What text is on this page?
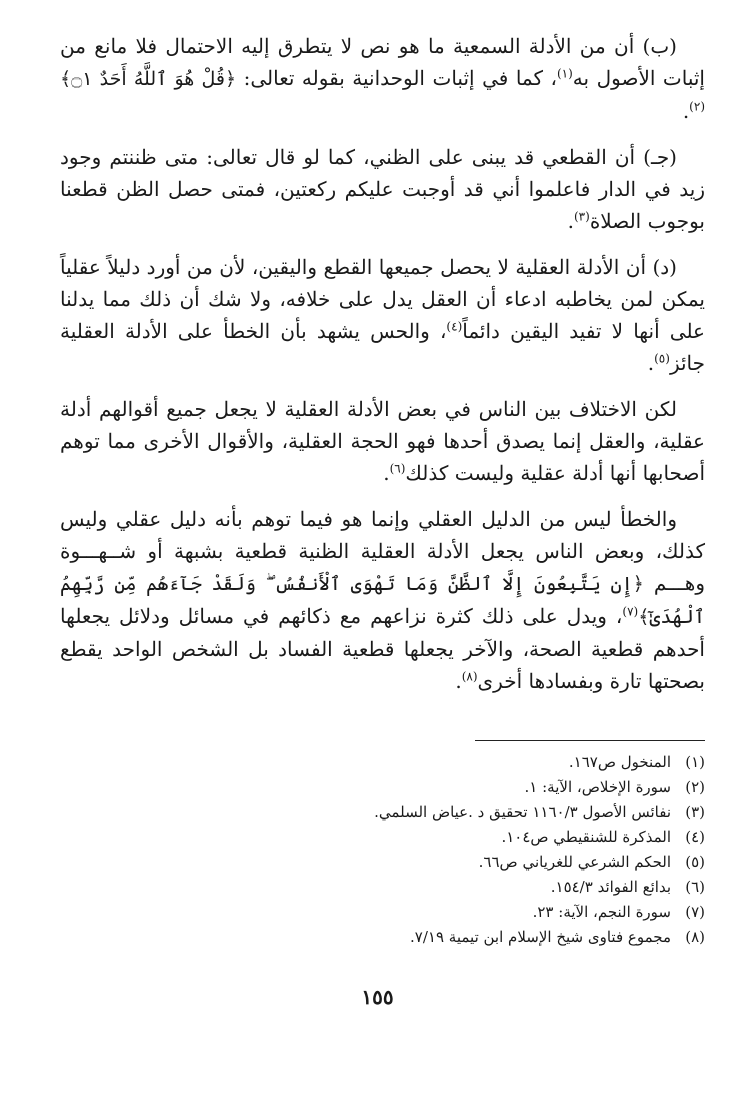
(ب) أن من الأدلة السمعية ما هو نص لا يتطرق إليه الاحتمال فلا مانع من إثبات الأصول به$^{(١)}$، كما في إثبات الوحدانية بقوله تعالى: ﴿قُلْ هُوَ ٱللَّهُ أَحَدٌ ۝١﴾$^{(٢)}$.

(جـ) أن القطعي قد يبنى على الظني، كما لو قال تعالى: متى ظننتم وجود زيد في الدار فاعلموا أني قد أوجبت عليكم ركعتين، فمتى حصل الظن قطعنا بوجوب الصلاة$^{(٣)}$.

(د) أن الأدلة العقلية لا يحصل جميعها القطع واليقين، لأن من أورد دليلاً عقلياً يمكن لمن يخاطبه ادعاء أن العقل يدل على خلافه، ولا شك أن ذلك مما يدلنا على أنها لا تفيد اليقين دائماً$^{(٤)}$، والحس يشهد بأن الخطأ على الأدلة العقلية جائز$^{(٥)}$.

لكن الاختلاف بين الناس في بعض الأدلة العقلية لا يجعل جميع أقوالهم أدلة عقلية، والعقل إنما يصدق أحدها فهو الحجة العقلية، والأقوال الأخرى مما توهم أصحابها أنها أدلة عقلية وليست كذلك$^{(٦)}$.

والخطأ ليس من الدليل العقلي وإنما هو فيما توهم بأنه دليل عقلي وليس كذلك، وبعض الناس يجعل الأدلة العقلية الظنية قطعية بشبهة أو شــهـــوة وهـــم ﴿إِن يَتَّبِعُونَ إِلَّا ٱلظَّنَّ وَمَا تَهْوَى ٱلْأَنفُسُ ۖ وَلَقَدْ جَآءَهُم مِّن رَّبِّهِمُ ٱلْهُدَىٰٓ﴾$^{(٧)}$، ويدل على ذلك كثرة نزاعهم مع ذكائهم في مسائل ودلائل يجعلها أحدهم قطعية الصحة، والآخر يجعلها قطعية الفساد بل الشخص الواحد يقطع بصحتها تارة وبفسادها أخرى$^{(٨)}$.

(١)
المنخول ص١٦٧.
(٢)
سورة الإخلاص، الآية: ١.
(٣)
نفائس الأصول ١١٦٠/٣ تحقيق د .عياض السلمي.
(٤)
المذكرة للشنقيطي ص١٠٤.
(٥)
الحكم الشرعي للغرياني ص٦٦.
(٦)
بدائع الفوائد ١٥٤/٣.
(٧)
سورة النجم، الآية: ٢٣.
(٨)
مجموع فتاوى شيخ الإسلام ابن تيمية ٧/١٩.
١٥٥
